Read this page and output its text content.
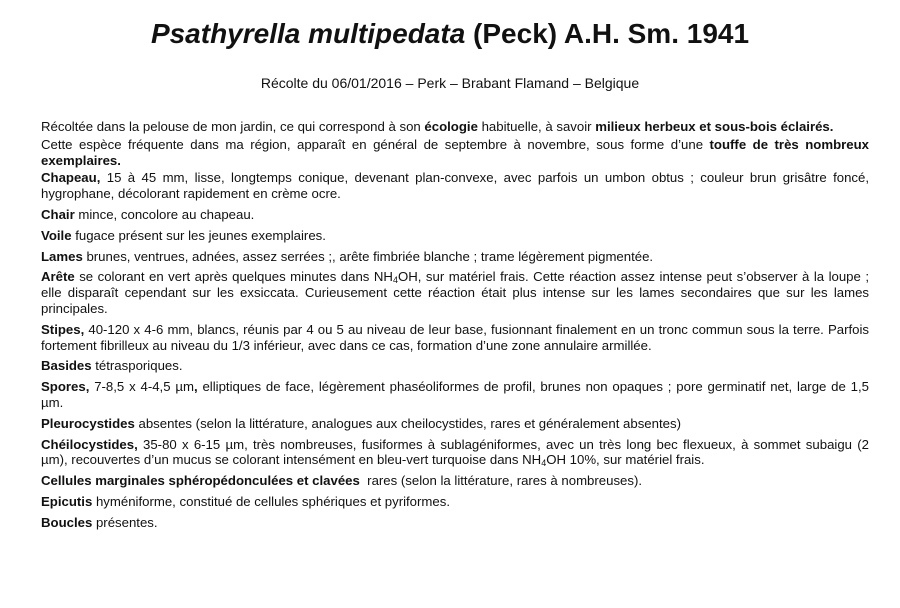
Psathyrella multipedata (Peck) A.H. Sm. 1941
Récolte du 06/01/2016 – Perk – Brabant Flamand – Belgique

Récoltée dans la pelouse de mon jardin, ce qui correspond à son écologie habituelle, à savoir milieux herbeux et sous-bois éclairés.

Cette espèce fréquente dans ma région, apparaît en général de septembre à novembre, sous forme d’une touffe de très nombreux exemplaires.

Chapeau, 15 à 45 mm, lisse, longtemps conique, devenant plan-convexe, avec parfois un umbon obtus ; couleur brun grisâtre foncé, hygrophane, décolorant rapidement en crème ocre.

Chair mince, concolore au chapeau.

Voile fugace présent sur les jeunes exemplaires.

Lames brunes, ventrues, adnées, assez serrées ;, arête fimbriée blanche ; trame légèrement pigmentée.

Arête se colorant en vert après quelques minutes dans $NH_4OH$, sur matériel frais. Cette réaction assez intense peut s’observer à la loupe ; elle disparaît cependant sur les exsiccata. Curieusement cette réaction était plus intense sur les lames secondaires que sur les lames principales.

Stipes, 40-120 x 4-6 mm, blancs, réunis par 4 ou 5 au niveau de leur base, fusionnant finalement en un tronc commun sous la terre. Parfois fortement fibrilleux au niveau du 1/3 inférieur, avec dans ce cas, formation d’une zone annulaire armillée.

Basides tétrasporiques.

Spores, 7-8,5 x 4-4,5 µm, elliptiques de face, légèrement phaséoliformes de profil, brunes non opaques ; pore germinatif net, large de 1,5 µm.

Pleurocystides absentes (selon la littérature, analogues aux cheilocystides, rares et généralement absentes)

Chéilocystides, 35-80 x 6-15 µm, très nombreuses, fusiformes à sublagéniformes, avec un très long bec flexueux, à sommet subaigu (2 µm), recouvertes d’un mucus se colorant intensément en bleu-vert turquoise dans $NH_4OH$ 10%, sur matériel frais.

Cellules marginales sphéropédonculées et clavées  rares (selon la littérature, rares à nombreuses).

Epicutis hyméniforme, constitué de cellules sphériques et pyriformes.

Boucles présentes.
